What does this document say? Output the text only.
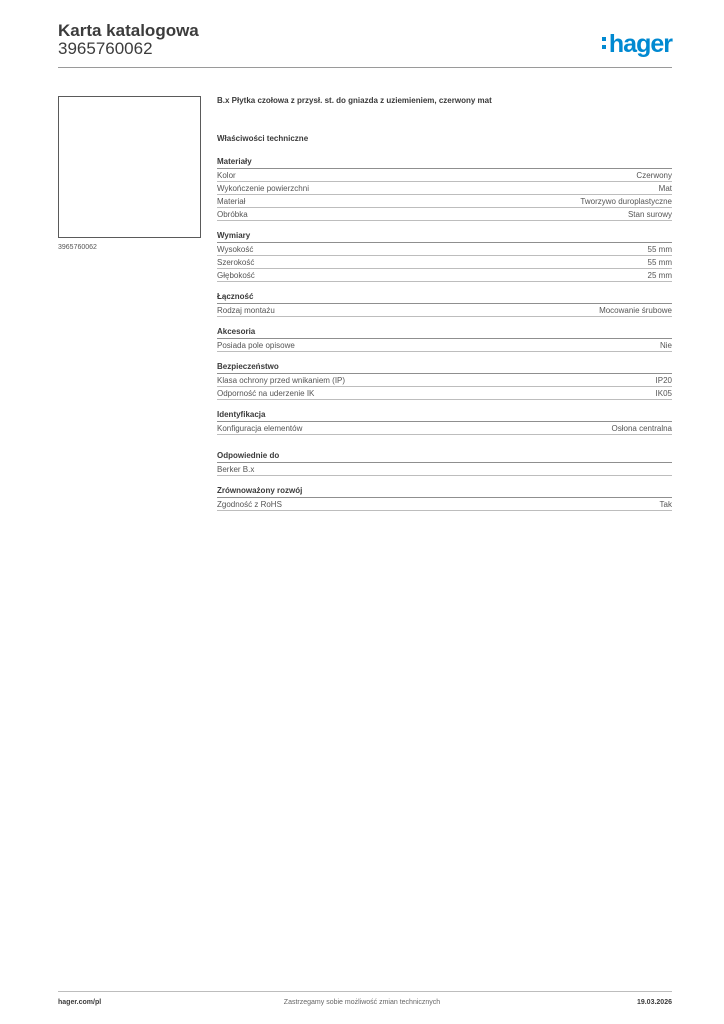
Karta katalogowa
3965760062	hager
3965760062
B.x Płytka czołowa z przysł. st. do gniazda z uziemieniem, czerwony mat
Właściwości techniczne
Materiały
Kolor	Czerwony
Wykończenie powierzchni	Mat
Materiał	Tworzywo duroplastyczne
Obróbka	Stan surowy
Wymiary
Wysokość	55 mm
Szerokość	55 mm
Głębokość	25 mm
Łączność
Rodzaj montażu	Mocowanie śrubowe
Akcesoria
Posiada pole opisowe	Nie
Bezpieczeństwo
Klasa ochrony przed wnikaniem (IP)	IP20
Odporność na uderzenie IK	IK05
Identyfikacja
Konfiguracja elementów	Osłona centralna
Odpowiednie do
Berker B.x
Zrównoważony rozwój
Zgodność z RoHS	Tak
hager.com/pl	Zastrzegamy sobie możliwość zmian technicznych	19.03.2026
